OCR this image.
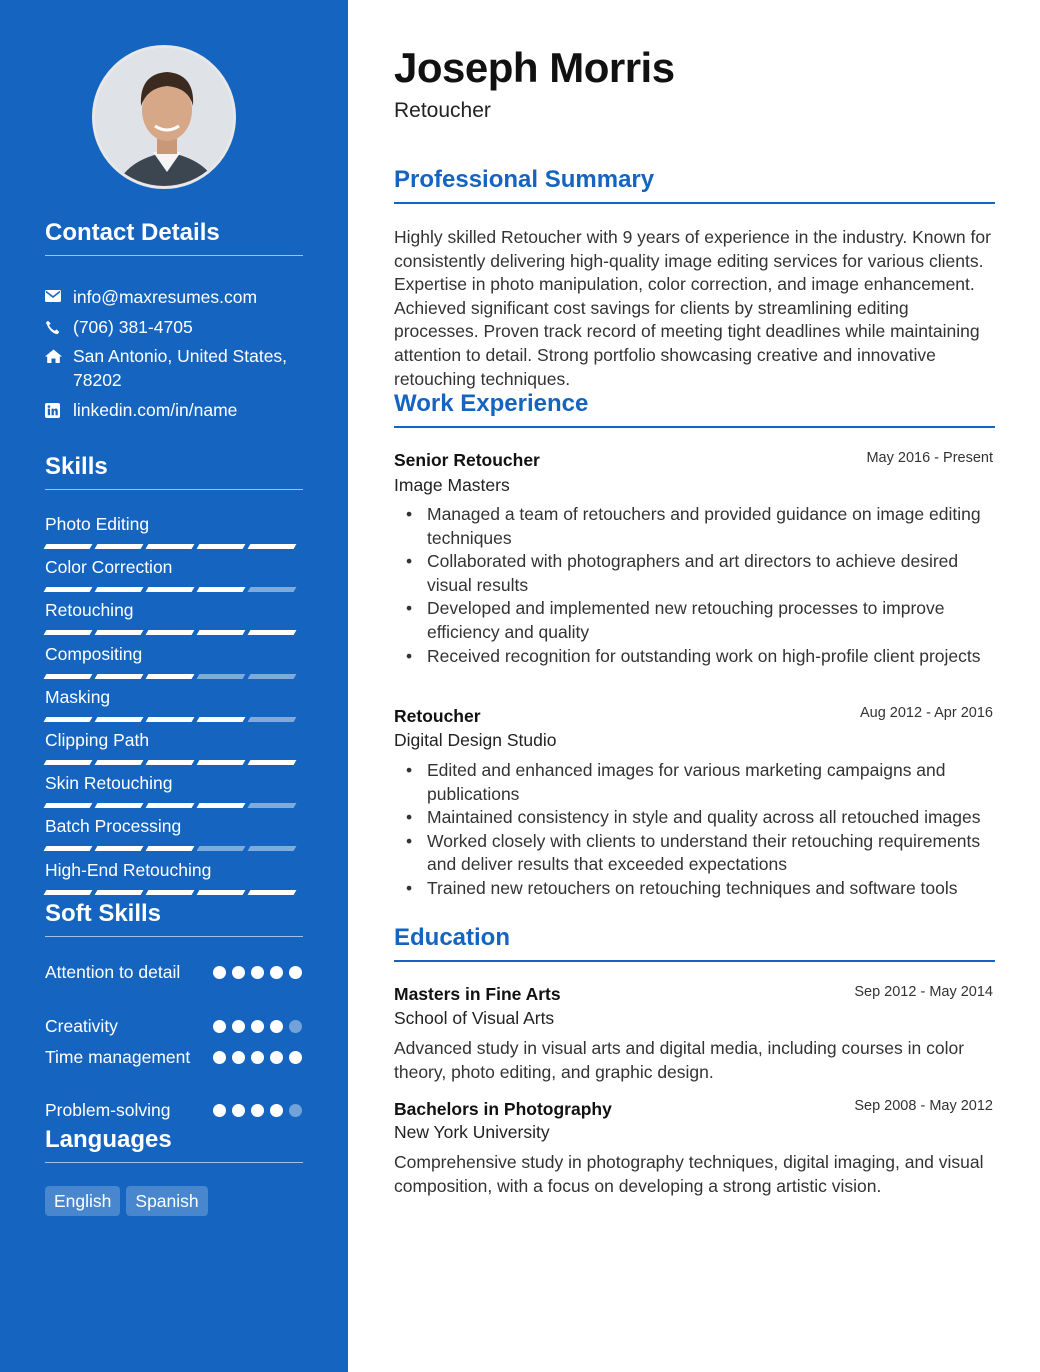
Contact Details
info@maxresumes.com
(706) 381-4705
San Antonio, United States, 78202
linkedin.com/in/name
Skills
Photo Editing
Color Correction
Retouching
Compositing
Masking
Clipping Path
Skin Retouching
Batch Processing
High-End Retouching
Soft Skills
Attention to detail
Creativity
Time management
Problem-solving
Languages
English	Spanish
Joseph Morris
Retoucher
Professional Summary
Highly skilled Retoucher with 9 years of experience in the industry. Known for consistently delivering high-quality image editing services for various clients. Expertise in photo manipulation, color correction, and image enhancement. Achieved significant cost savings for clients by streamlining editing processes. Proven track record of meeting tight deadlines while maintaining attention to detail. Strong portfolio showcasing creative and innovative retouching techniques.
Work Experience
Senior Retoucher	May 2016 - Present
Image Masters
• Managed a team of retouchers and provided guidance on image editing techniques
• Collaborated with photographers and art directors to achieve desired visual results
• Developed and implemented new retouching processes to improve efficiency and quality
• Received recognition for outstanding work on high-profile client projects
Retoucher	Aug 2012 - Apr 2016
Digital Design Studio
• Edited and enhanced images for various marketing campaigns and publications
• Maintained consistency in style and quality across all retouched images
• Worked closely with clients to understand their retouching requirements and deliver results that exceeded expectations
• Trained new retouchers on retouching techniques and software tools
Education
Masters in Fine Arts	Sep 2012 - May 2014
School of Visual Arts
Advanced study in visual arts and digital media, including courses in color theory, photo editing, and graphic design.
Bachelors in Photography	Sep 2008 - May 2012
New York University
Comprehensive study in photography techniques, digital imaging, and visual composition, with a focus on developing a strong artistic vision.
